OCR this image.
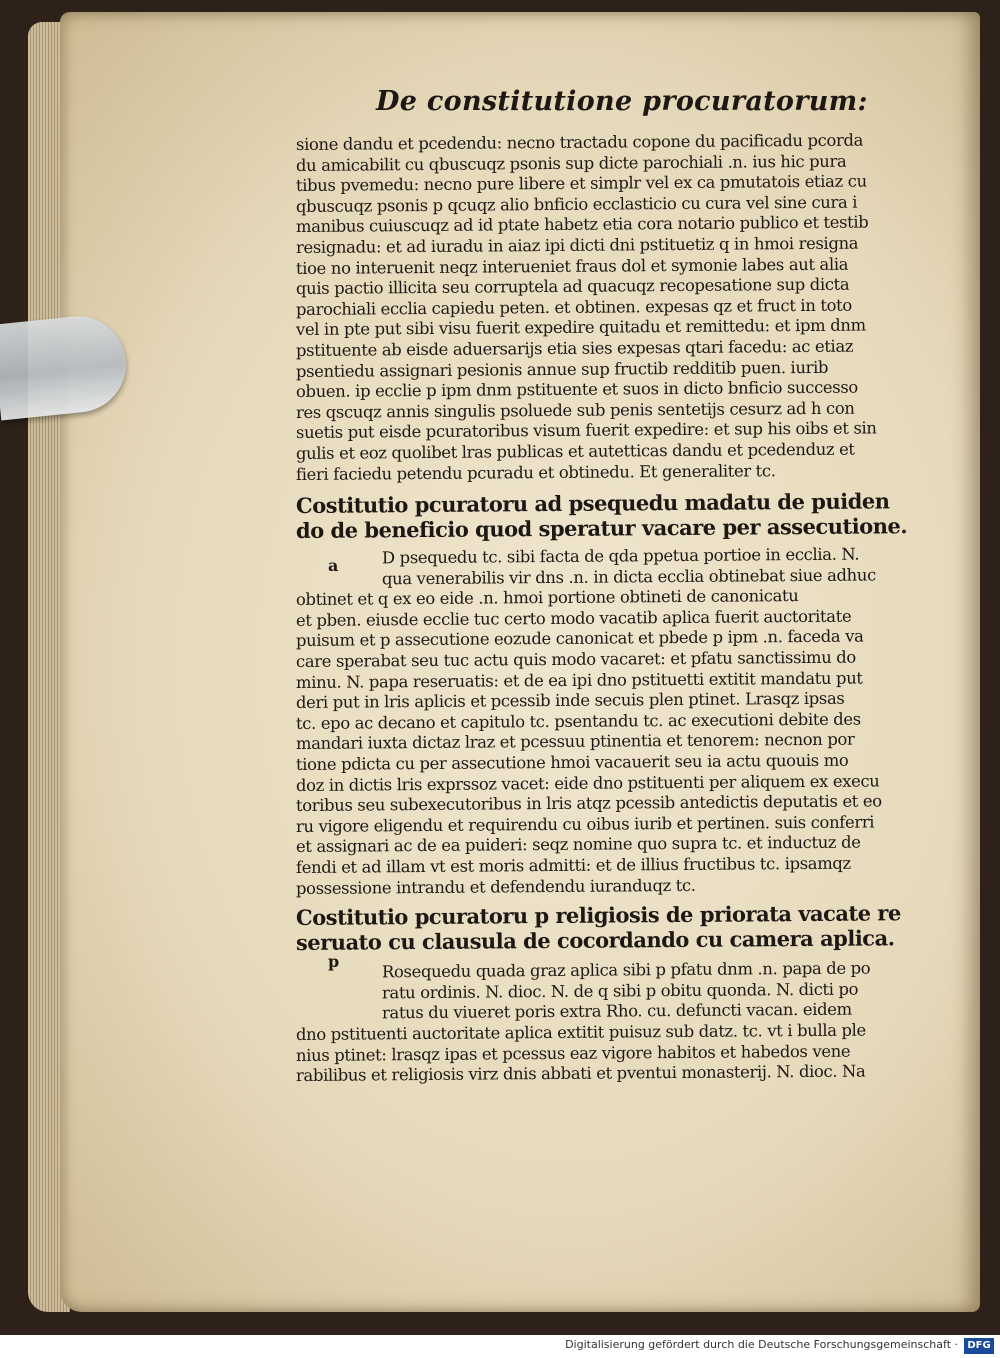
De constitutione procuratorum:
sione dandu et pcedendu: necno tractadu copone du pacificadu pcorda
du amicabilit cu qbuscuqz psonis sup dicte parochiali .n. ius hic pura
tibus pvemedu: necno pure libere et simplr vel ex ca pmutatois etiaz cu
qbuscuqz psonis p qcuqz alio bnficio ecclasticio cu cura vel sine cura i
manibus cuiuscuqz ad id ptate habetz etia cora notario publico et testib
resignadu: et ad iuradu in aiaz ipi dicti dni pstituetiz q in hmoi resigna
tioe no interuenit neqz interueniet fraus dol et symonie labes aut alia
quis pactio illicita seu corruptela ad quacuqz recopesatione sup dicta
parochiali ecclia capiedu peten. et obtinen. expesas qz et fruct in toto
vel in pte put sibi visu fuerit expedire quitadu et remittedu: et ipm dnm
pstituente ab eisde aduersarijs etia sies expesas qtari facedu: ac etiaz
psentiedu assignari pesionis annue sup fructib redditib puen. iurib
obuen. ip ecclie p ipm dnm pstituente et suos in dicto bnficio successo
res qscuqz annis singulis psoluede sub penis sentetijs cesurz ad h con
suetis put eisde pcuratoribus visum fuerit expedire: et sup his oibs et sin
gulis et eoz quolibet lras publicas et autetticas dandu et pcedenduz et
fieri faciedu petendu pcuradu et obtinedu. Et generaliter tc.
Costitutio pcuratoru ad psequedu madatu de puiden
do de beneficio quod speratur vacare per assecutione.
D psequedu tc. sibi facta de qda ppetua portioe in ecclia. N.
qua venerabilis vir dns .n. in dicta ecclia obtinebat siue adhuc
obtinet et q ex eo eide .n. hmoi portione obtineti de canonicatu
et pben. eiusde ecclie tuc certo modo vacatib aplica fuerit auctoritate
puisum et p assecutione eozude canonicat et pbede p ipm .n. faceda va
care sperabat seu tuc actu quis modo vacaret: et pfatu sanctissimu do
minu. N. papa reseruatis: et de ea ipi dno pstituetti extitit mandatu put
deri put in lris aplicis et pcessib inde secuis plen ptinet. Lrasqz ipsas
tc. epo ac decano et capitulo tc. psentandu tc. ac executioni debite des
mandari iuxta dictaz lraz et pcessuu ptinentia et tenorem: necnon por
tione pdicta cu per assecutione hmoi vacauerit seu ia actu quouis mo
doz in dictis lris exprssoz vacet: eide dno pstituenti per aliquem ex execu
toribus seu subexecutoribus in lris atqz pcessib antedictis deputatis et eo
ru vigore eligendu et requirendu cu oibus iurib et pertinen. suis conferri
et assignari ac de ea puideri: seqz nomine quo supra tc. et inductuz de
fendi et ad illam vt est moris admitti: et de illius fructibus tc. ipsamqz
possessione intrandu et defendendu iuranduqz tc.
Costitutio pcuratoru p religiosis de priorata vacate re
seruato cu clausula de cocordando cu camera aplica.
Rosequedu quada graz aplica sibi p pfatu dnm .n. papa de po
ratu ordinis. N. dioc. N. de q sibi p obitu quonda. N. dicti po
ratus du viueret poris extra Rho. cu. defuncti vacan. eidem
dno pstituenti auctoritate aplica extitit puisuz sub datz. tc. vt i bulla ple
nius ptinet: lrasqz ipas et pcessus eaz vigore habitos et habedos vene
rabilibus et religiosis virz dnis abbati et pventui monasterij. N. dioc. Na
a
p
Digitalisierung gefördert durch die Deutsche Forschungsgemeinschaft · DFG
